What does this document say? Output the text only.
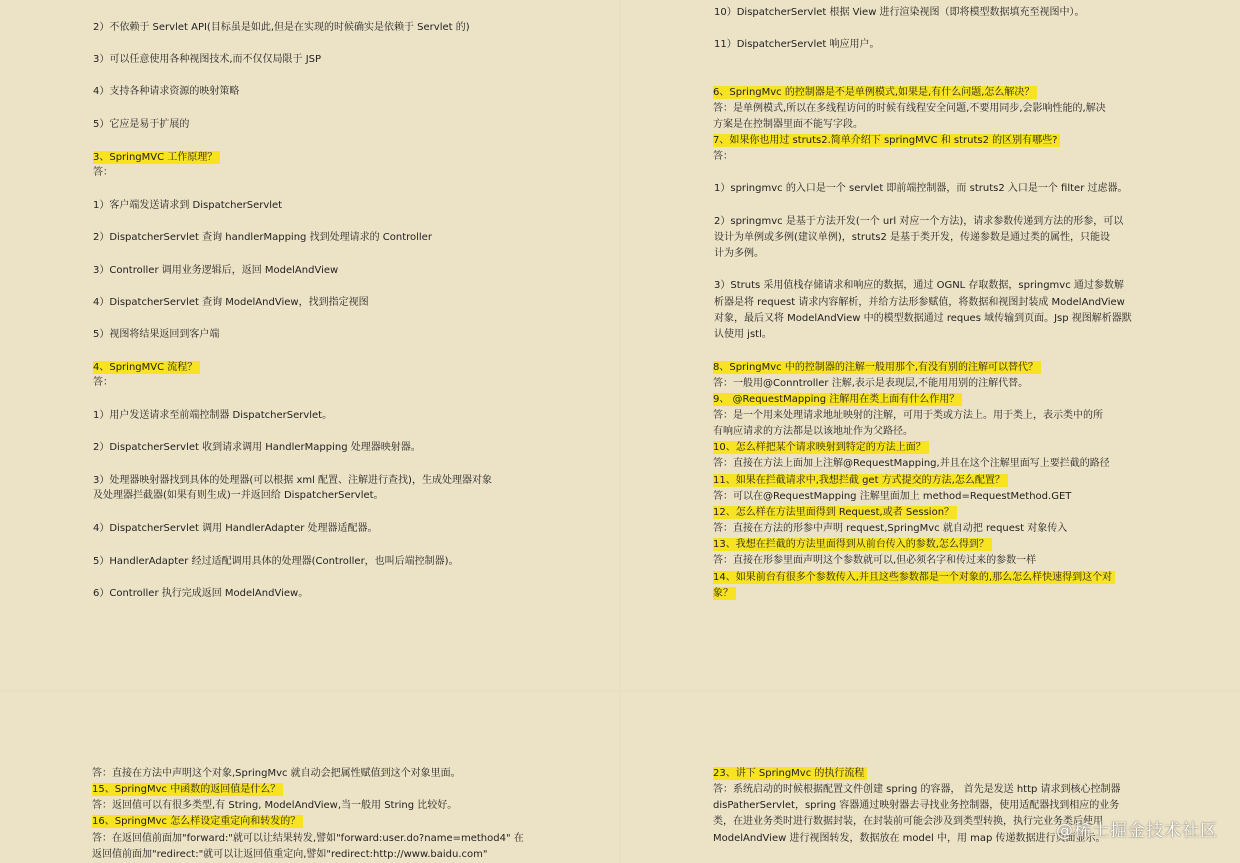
2）不依赖于 Servlet API(目标虽是如此,但是在实现的时候确实是依赖于 Servlet 的)
3）可以任意使用各种视图技术,而不仅仅局限于 JSP
4）支持各种请求资源的映射策略
5）它应是易于扩展的
3、SpringMVC 工作原理？
答：
1）客户端发送请求到 DispatcherServlet
2）DispatcherServlet 查询 handlerMapping 找到处理请求的 Controller
3）Controller 调用业务逻辑后，返回 ModelAndView
4）DispatcherServlet 查询 ModelAndView，找到指定视图
5）视图将结果返回到客户端
4、SpringMVC 流程？
答：
1）用户发送请求至前端控制器 DispatcherServlet。
2）DispatcherServlet 收到请求调用 HandlerMapping 处理器映射器。
3）处理器映射器找到具体的处理器(可以根据 xml 配置、注解进行查找)，生成处理器对象
及处理器拦截器(如果有则生成)一并返回给 DispatcherServlet。
4）DispatcherServlet 调用 HandlerAdapter 处理器适配器。
5）HandlerAdapter 经过适配调用具体的处理器(Controller，也叫后端控制器)。
6）Controller 执行完成返回 ModelAndView。
10）DispatcherServlet 根据 View 进行渲染视图（即将模型数据填充至视图中）。
11）DispatcherServlet 响应用户。
6、SpringMvc 的控制器是不是单例模式,如果是,有什么问题,怎么解决？
答：是单例模式,所以在多线程访问的时候有线程安全问题,不要用同步,会影响性能的,解决
方案是在控制器里面不能写字段。
7、如果你也用过 struts2.简单介绍下 springMVC 和 struts2 的区别有哪些?
答：
1）springmvc 的入口是一个 servlet 即前端控制器，而 struts2 入口是一个 filter 过虑器。
2）springmvc 是基于方法开发(一个 url 对应一个方法)，请求参数传递到方法的形参，可以
设计为单例或多例(建议单例)，struts2 是基于类开发，传递参数是通过类的属性，只能设
计为多例。
3）Struts 采用值栈存储请求和响应的数据，通过 OGNL 存取数据，springmvc 通过参数解
析器是将 request 请求内容解析，并给方法形参赋值，将数据和视图封装成 ModelAndView
对象，最后又将 ModelAndView 中的模型数据通过 reques 域传输到页面。Jsp 视图解析器默
认使用 jstl。
8、SpringMvc 中的控制器的注解一般用那个,有没有别的注解可以替代？
答：一般用@Conntroller 注解,表示是表现层,不能用用别的注解代替。
9、 @RequestMapping 注解用在类上面有什么作用？
答：是一个用来处理请求地址映射的注解，可用于类或方法上。用于类上，表示类中的所
有响应请求的方法都是以该地址作为父路径。
10、怎么样把某个请求映射到特定的方法上面？
答：直接在方法上面加上注解@RequestMapping,并且在这个注解里面写上要拦截的路径
11、如果在拦截请求中,我想拦截 get 方式提交的方法,怎么配置？
答：可以在@RequestMapping 注解里面加上 method=RequestMethod.GET
12、怎么样在方法里面得到 Request,或者 Session？
答：直接在方法的形参中声明 request,SpringMvc 就自动把 request 对象传入
13、我想在拦截的方法里面得到从前台传入的参数,怎么得到？
答：直接在形参里面声明这个参数就可以,但必须名字和传过来的参数一样
14、如果前台有很多个参数传入,并且这些参数都是一个对象的,那么怎么样快速得到这个对
象？
答：直接在方法中声明这个对象,SpringMvc 就自动会把属性赋值到这个对象里面。
15、SpringMvc 中函数的返回值是什么？
答：返回值可以有很多类型,有 String, ModelAndView,当一般用 String 比较好。
16、SpringMvc 怎么样设定重定向和转发的？
答：在返回值前面加"forward:"就可以让结果转发,譬如"forward:user.do?name=method4" 在
返回值前面加"redirect:"就可以让返回值重定向,譬如"redirect:http://www.baidu.com"
23、讲下 SpringMvc 的执行流程
答：系统启动的时候根据配置文件创建 spring 的容器， 首先是发送 http 请求到核心控制器
disPatherServlet，spring 容器通过映射器去寻找业务控制器，使用适配器找到相应的业务
类，在进业务类时进行数据封装，在封装前可能会涉及到类型转换，执行完业务类后使用
ModelAndView 进行视图转发，数据放在 model 中，用 map 传递数据进行页面显示。
@稀土掘金技术社区
